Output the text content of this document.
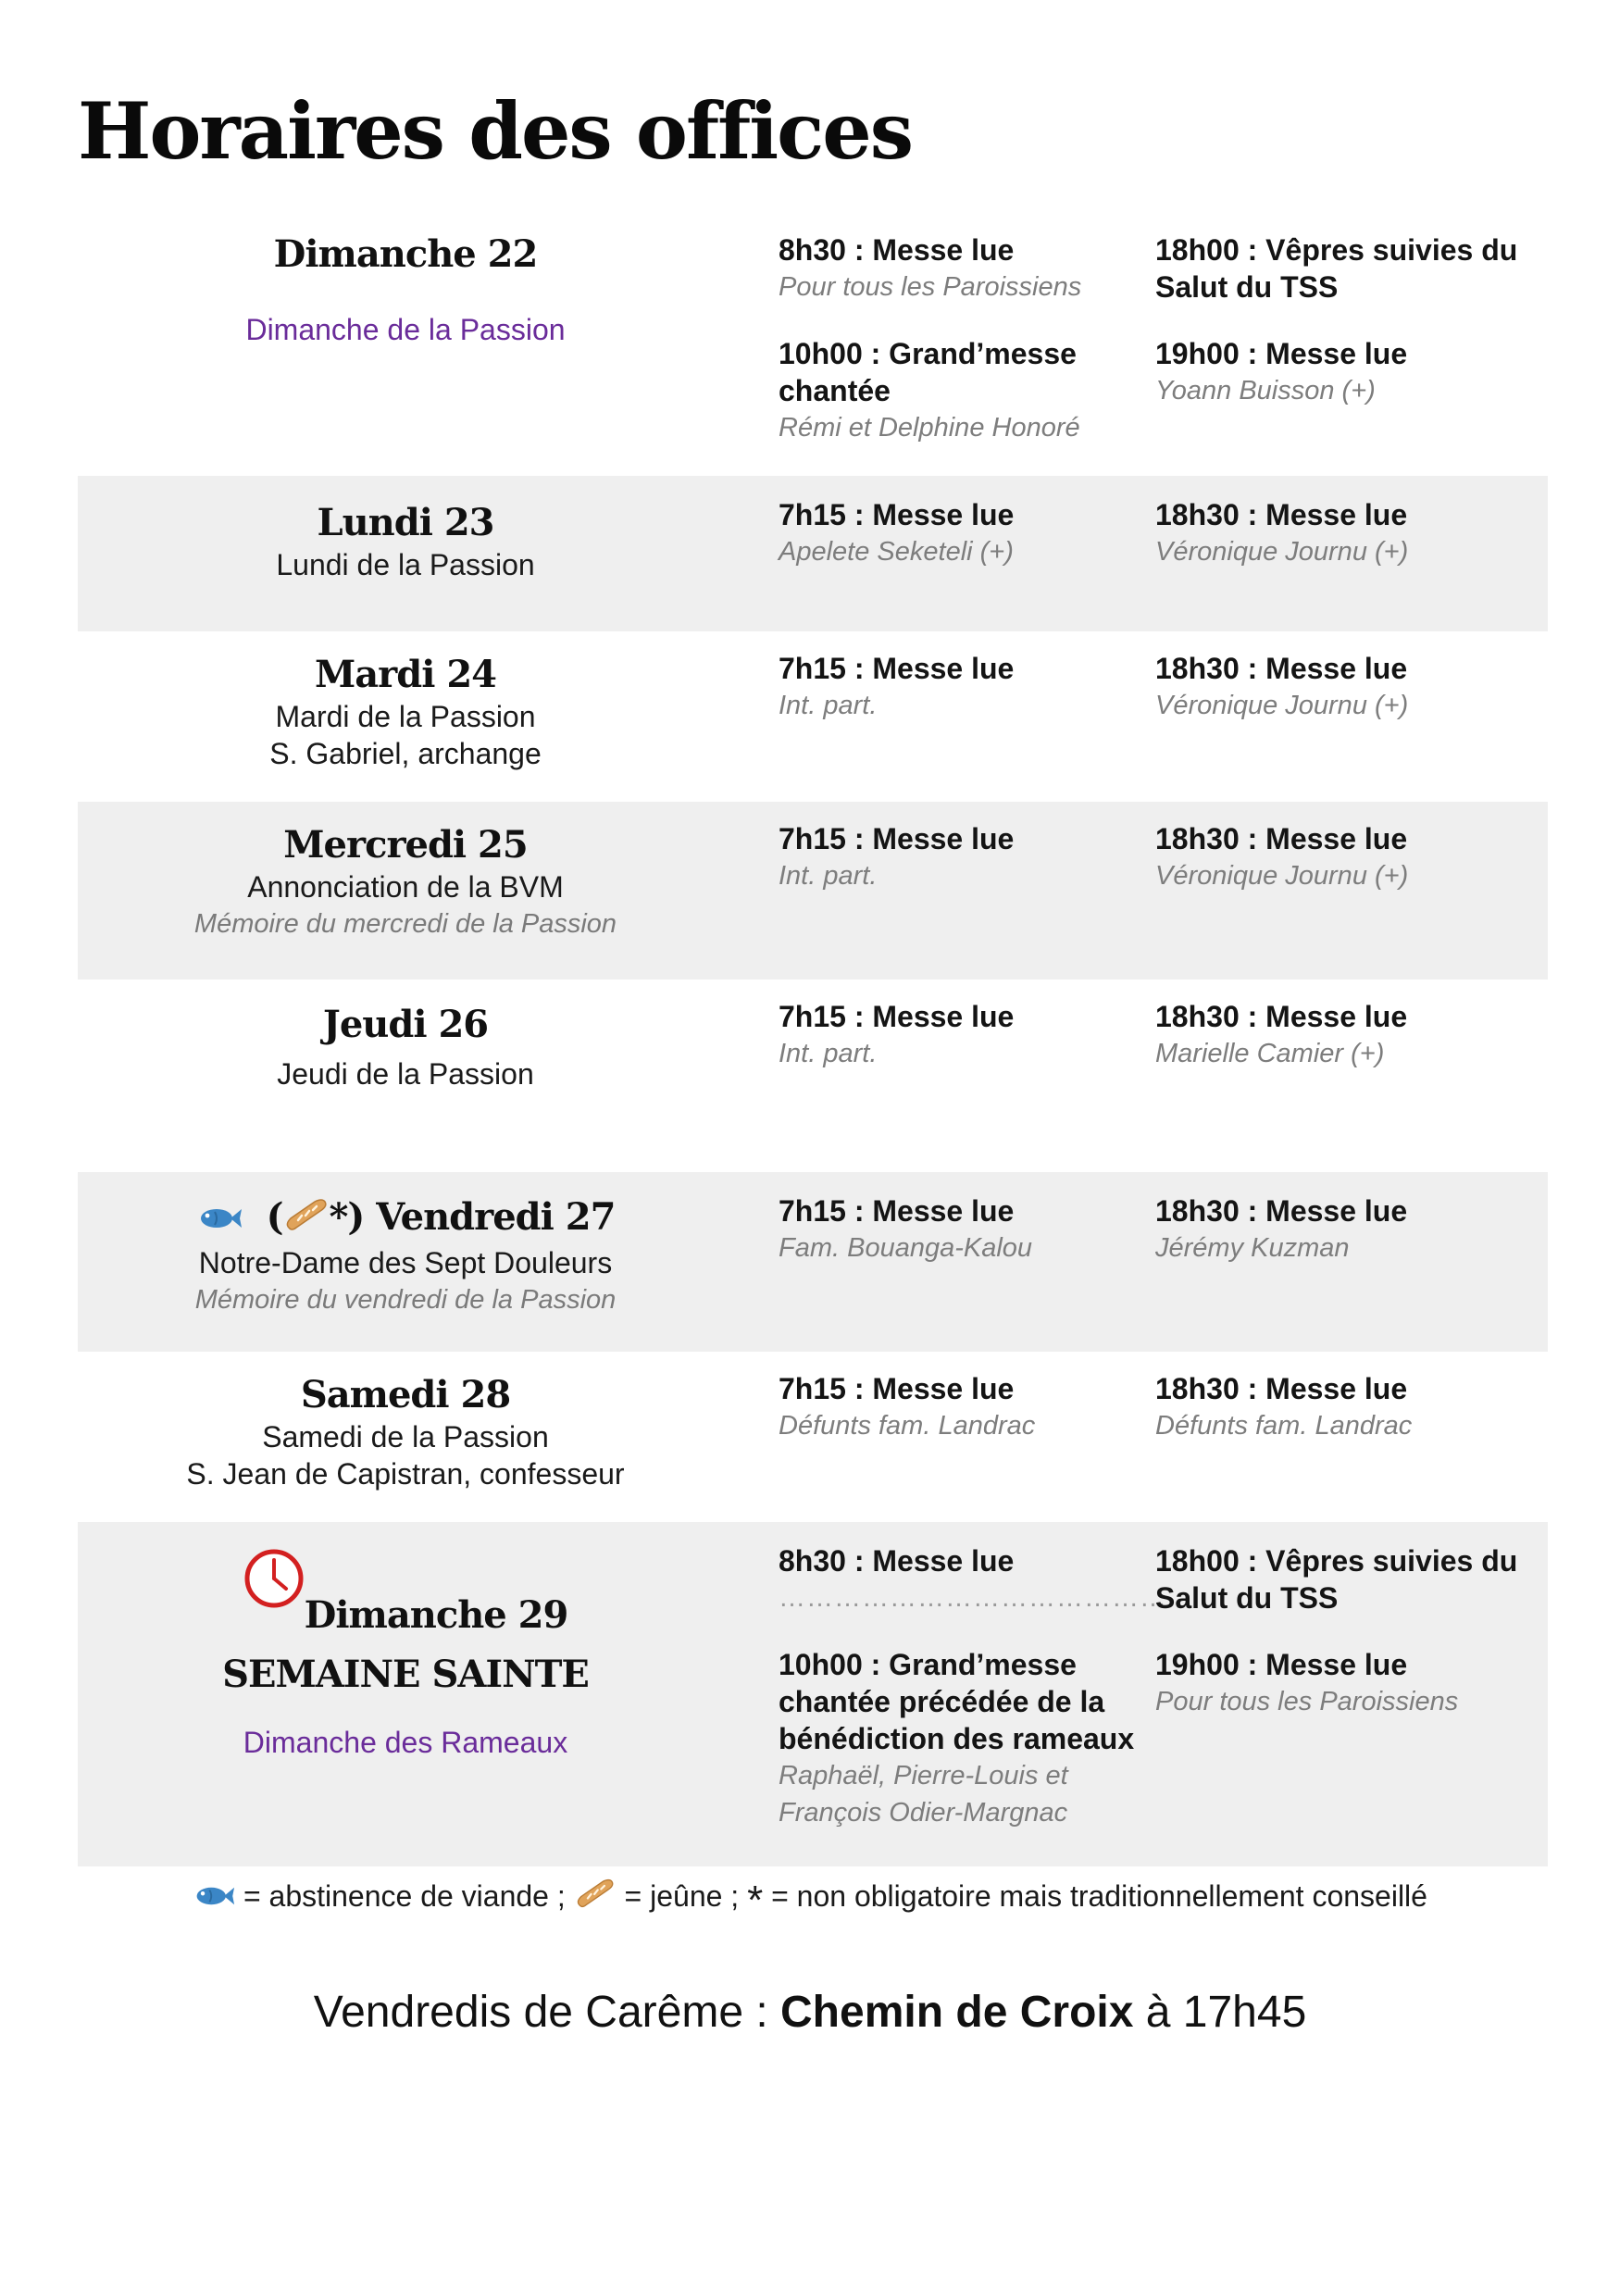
Horaires des offices
Dimanche 22
Dimanche de la Passion
8h30 : Messe lue
Pour tous les Paroissiens
10h00 : Grand’messe chantée
Rémi et Delphine Honoré
18h00 : Vêpres suivies du Salut du TSS
19h00 : Messe lue
Yoann Buisson (+)
Lundi 23
Lundi de la Passion
7h15 : Messe lue
Apelete Seketeli (+)
18h30 : Messe lue
Véronique Journu (+)
Mardi 24
Mardi de la Passion
S. Gabriel, archange
7h15 : Messe lue
Int. part.
18h30 : Messe lue
Véronique Journu (+)
Mercredi 25
Annonciation de la BVM
Mémoire du mercredi de la Passion
7h15 : Messe lue
Int. part.
18h30 : Messe lue
Véronique Journu (+)
Jeudi 26
Jeudi de la Passion
7h15 : Messe lue
Int. part.
18h30 : Messe lue
Marielle Camier (+)
( *) Vendredi 27
Notre-Dame des Sept Douleurs
Mémoire du vendredi de la Passion
7h15 : Messe lue
Fam. Bouanga-Kalou
18h30 : Messe lue
Jérémy Kuzman
Samedi 28
Samedi de la Passion
S. Jean de Capistran, confesseur
7h15 : Messe lue
Défunts fam. Landrac
18h30 : Messe lue
Défunts fam. Landrac
Dimanche 29
SEMAINE SAINTE
Dimanche des Rameaux
8h30 : Messe lue
……………………………………
10h00 : Grand’messe chantée précédée de la bénédiction des rameaux
Raphaël, Pierre-Louis et François Odier-Margnac
18h00 : Vêpres suivies du Salut du TSS
19h00 : Messe lue
Pour tous les Paroissiens
= abstinence de viande ; = jeûne ; * = non obligatoire mais traditionnellement conseillé
Vendredis de Carême : Chemin de Croix à 17h45
